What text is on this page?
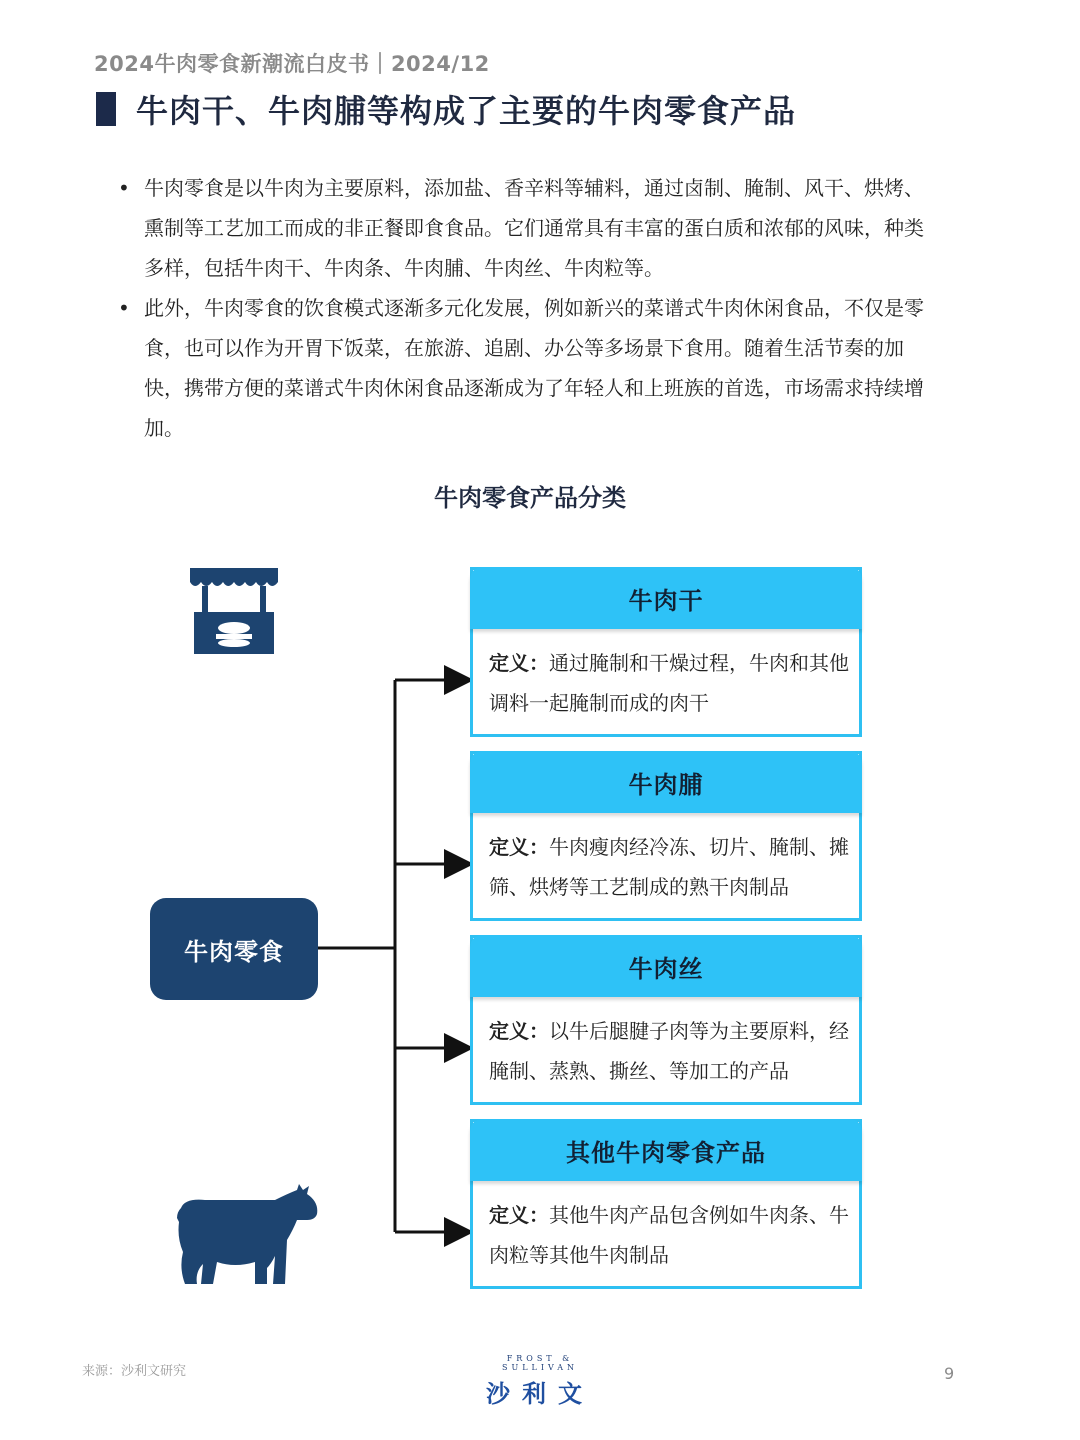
2024牛肉零食新潮流白皮书｜2024/12
牛肉干、牛肉脯等构成了主要的牛肉零食产品
• 牛肉零食是以牛肉为主要原料，添加盐、香辛料等辅料，通过卤制、腌制、风干、烘烤、熏制等工艺加工而成的非正餐即食食品。它们通常具有丰富的蛋白质和浓郁的风味，种类多样，包括牛肉干、牛肉条、牛肉脯、牛肉丝、牛肉粒等。
• 此外，牛肉零食的饮食模式逐渐多元化发展，例如新兴的菜谱式牛肉休闲食品，不仅是零食，也可以作为开胃下饭菜，在旅游、追剧、办公等多场景下食用。随着生活节奏的加快，携带方便的菜谱式牛肉休闲食品逐渐成为了年轻人和上班族的首选，市场需求持续增加。
牛肉零食产品分类
牛肉零食
牛肉干
定义：通过腌制和干燥过程，牛肉和其他调料一起腌制而成的肉干
牛肉脯
定义：牛肉瘦肉经冷冻、切片、腌制、摊筛、烘烤等工艺制成的熟干肉制品
牛肉丝
定义：以牛后腿腱子肉等为主要原料，经腌制、蒸熟、撕丝、等加工的产品
其他牛肉零食产品
定义：其他牛肉产品包含例如牛肉条、牛肉粒等其他牛肉制品
来源：沙利文研究
FROST & SULLIVAN
沙利文
9
